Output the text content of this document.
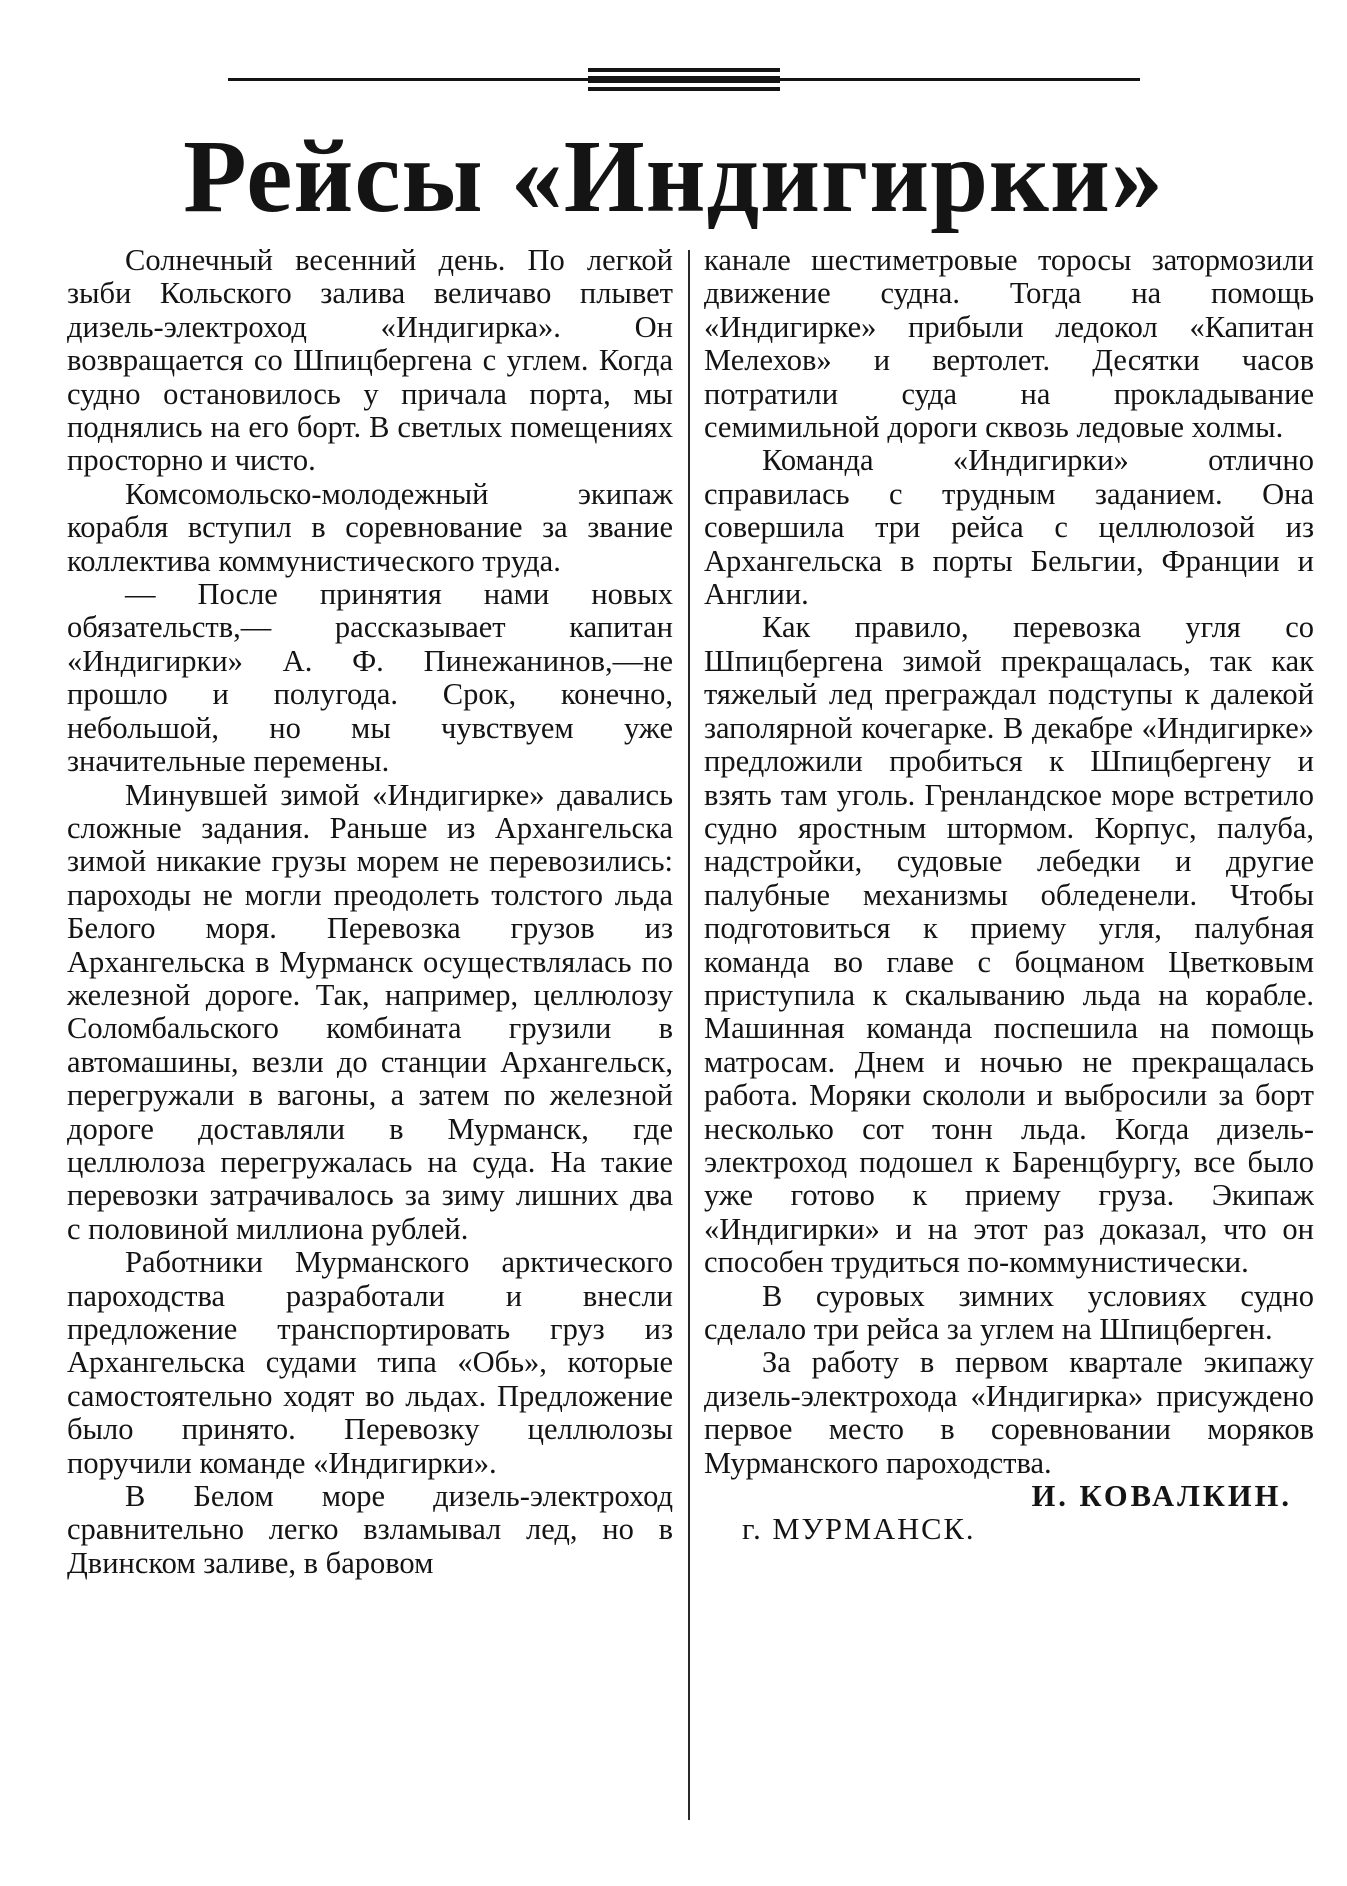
Рейсы «Индигирки»

Солнечный весенний день. По легкой зыби Кольского залива величаво плывет дизель-электроход «Индигирка». Он возвращается со Шпицбергена с углем. Когда судно остановилось у причала порта, мы поднялись на его борт. В светлых помещениях просторно и чисто.

Комсомольско-молодежный экипаж корабля вступил в соревнование за звание коллектива коммунистического труда.

— После принятия нами новых обязательств,— рассказывает капитан «Индигирки» А. Ф. Пинежанинов,—не прошло и полугода. Срок, конечно, небольшой, но мы чувствуем уже значительные перемены.

Минувшей зимой «Индигирке» давались сложные задания. Раньше из Архангельска зимой никакие грузы морем не перевозились: пароходы не могли преодолеть толстого льда Белого моря. Перевозка грузов из Архангельска в Мурманск осуществлялась по железной дороге. Так, например, целлюлозу Соломбальского комбината грузили в автомашины, везли до станции Архангельск, перегружали в вагоны, а затем по железной дороге доставляли в Мурманск, где целлюлоза перегружалась на суда. На такие перевозки затрачивалось за зиму лишних два с половиной миллиона рублей.

Работники Мурманского арктического пароходства разработали и внесли предложение транспортировать груз из Архангельска судами типа «Обь», которые самостоятельно ходят во льдах. Предложение было принято. Перевозку целлюлозы поручили команде «Индигирки».

В Белом море дизель-электроход сравнительно легко взламывал лед, но в Двинском заливе, в баровом

канале шестиметровые торосы затормозили движение судна. Тогда на помощь «Индигирке» прибыли ледокол «Капитан Мелехов» и вертолет. Десятки часов потратили суда на прокладывание семимильной дороги сквозь ледовые холмы.

Команда «Индигирки» отлично справилась с трудным заданием. Она совершила три рейса с целлюлозой из Архангельска в порты Бельгии, Франции и Англии.

Как правило, перевозка угля со Шпицбергена зимой прекращалась, так как тяжелый лед преграждал подступы к далекой заполярной кочегарке. В декабре «Индигирке» предложили пробиться к Шпицбергену и взять там уголь. Гренландское море встретило судно яростным штормом. Корпус, палуба, надстройки, судовые лебедки и другие палубные механизмы обледенели. Чтобы подготовиться к приему угля, палубная команда во главе с боцманом Цветковым приступила к скалыванию льда на корабле. Машинная команда поспешила на помощь матросам. Днем и ночью не прекращалась работа. Моряки скололи и выбросили за борт несколько сот тонн льда. Когда дизель-электроход подошел к Баренцбургу, все было уже готово к приему груза. Экипаж «Индигирки» и на этот раз доказал, что он способен трудиться по-коммунистически.

В суровых зимних условиях судно сделало три рейса за углем на Шпицберген.

За работу в первом квартале экипажу дизель-электрохода «Индигирка» присуждено первое место в соревновании моряков Мурманского пароходства.

И. КОВАЛКИН.

г. МУРМАНСК.
